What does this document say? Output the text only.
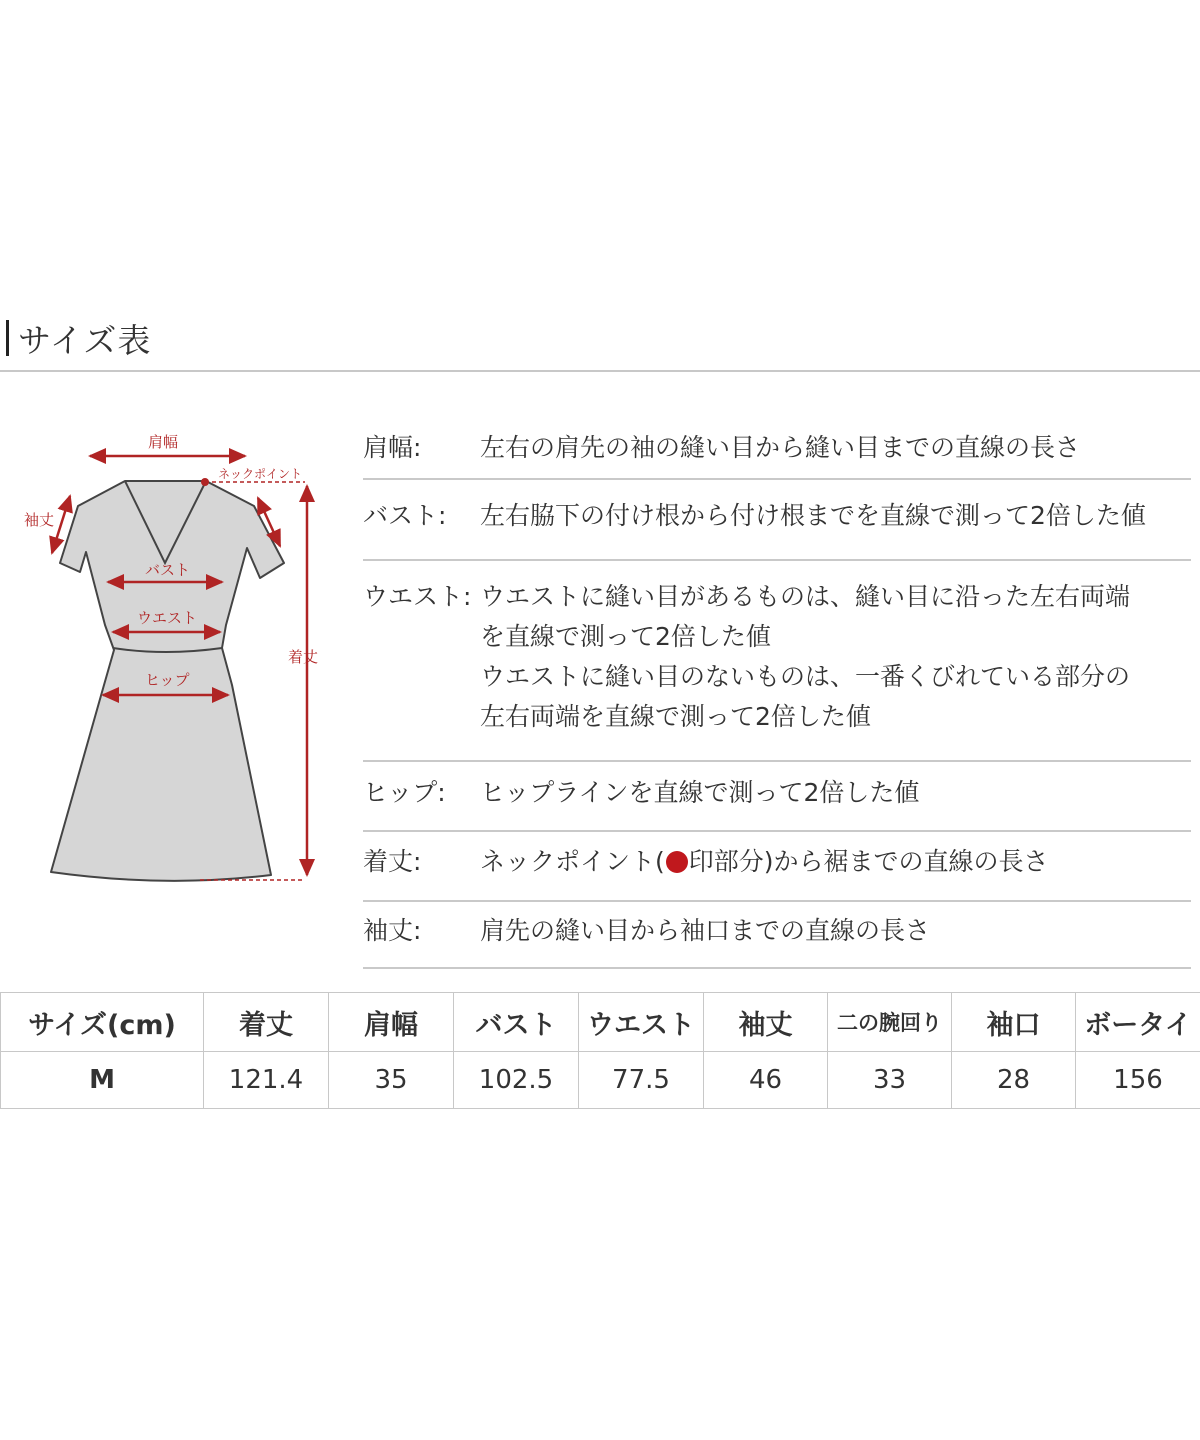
サイズ表
肩幅
ネックポイント
袖丈
バスト
ウエスト
ヒップ
着丈
肩幅:	左右の肩先の袖の縫い目から縫い目までの直線の長さ
バスト:	左右脇下の付け根から付け根までを直線で測って2倍した値
ウエスト: ウエストに縫い目があるものは、縫い目に沿った左右両端
を直線で測って2倍した値
ウエストに縫い目のないものは、一番くびれている部分の
左右両端を直線で測って2倍した値
ヒップ:	ヒップラインを直線で測って2倍した値
着丈:	ネックポイント( 印部分)から裾までの直線の長さ
袖丈:	肩先の縫い目から袖口までの直線の長さ
サイズ(cm)	着丈	肩幅	バスト	ウエスト	袖丈	二の腕回り	袖口	ボータイ
M	121.4	35	102.5	77.5	46	33	28	156
